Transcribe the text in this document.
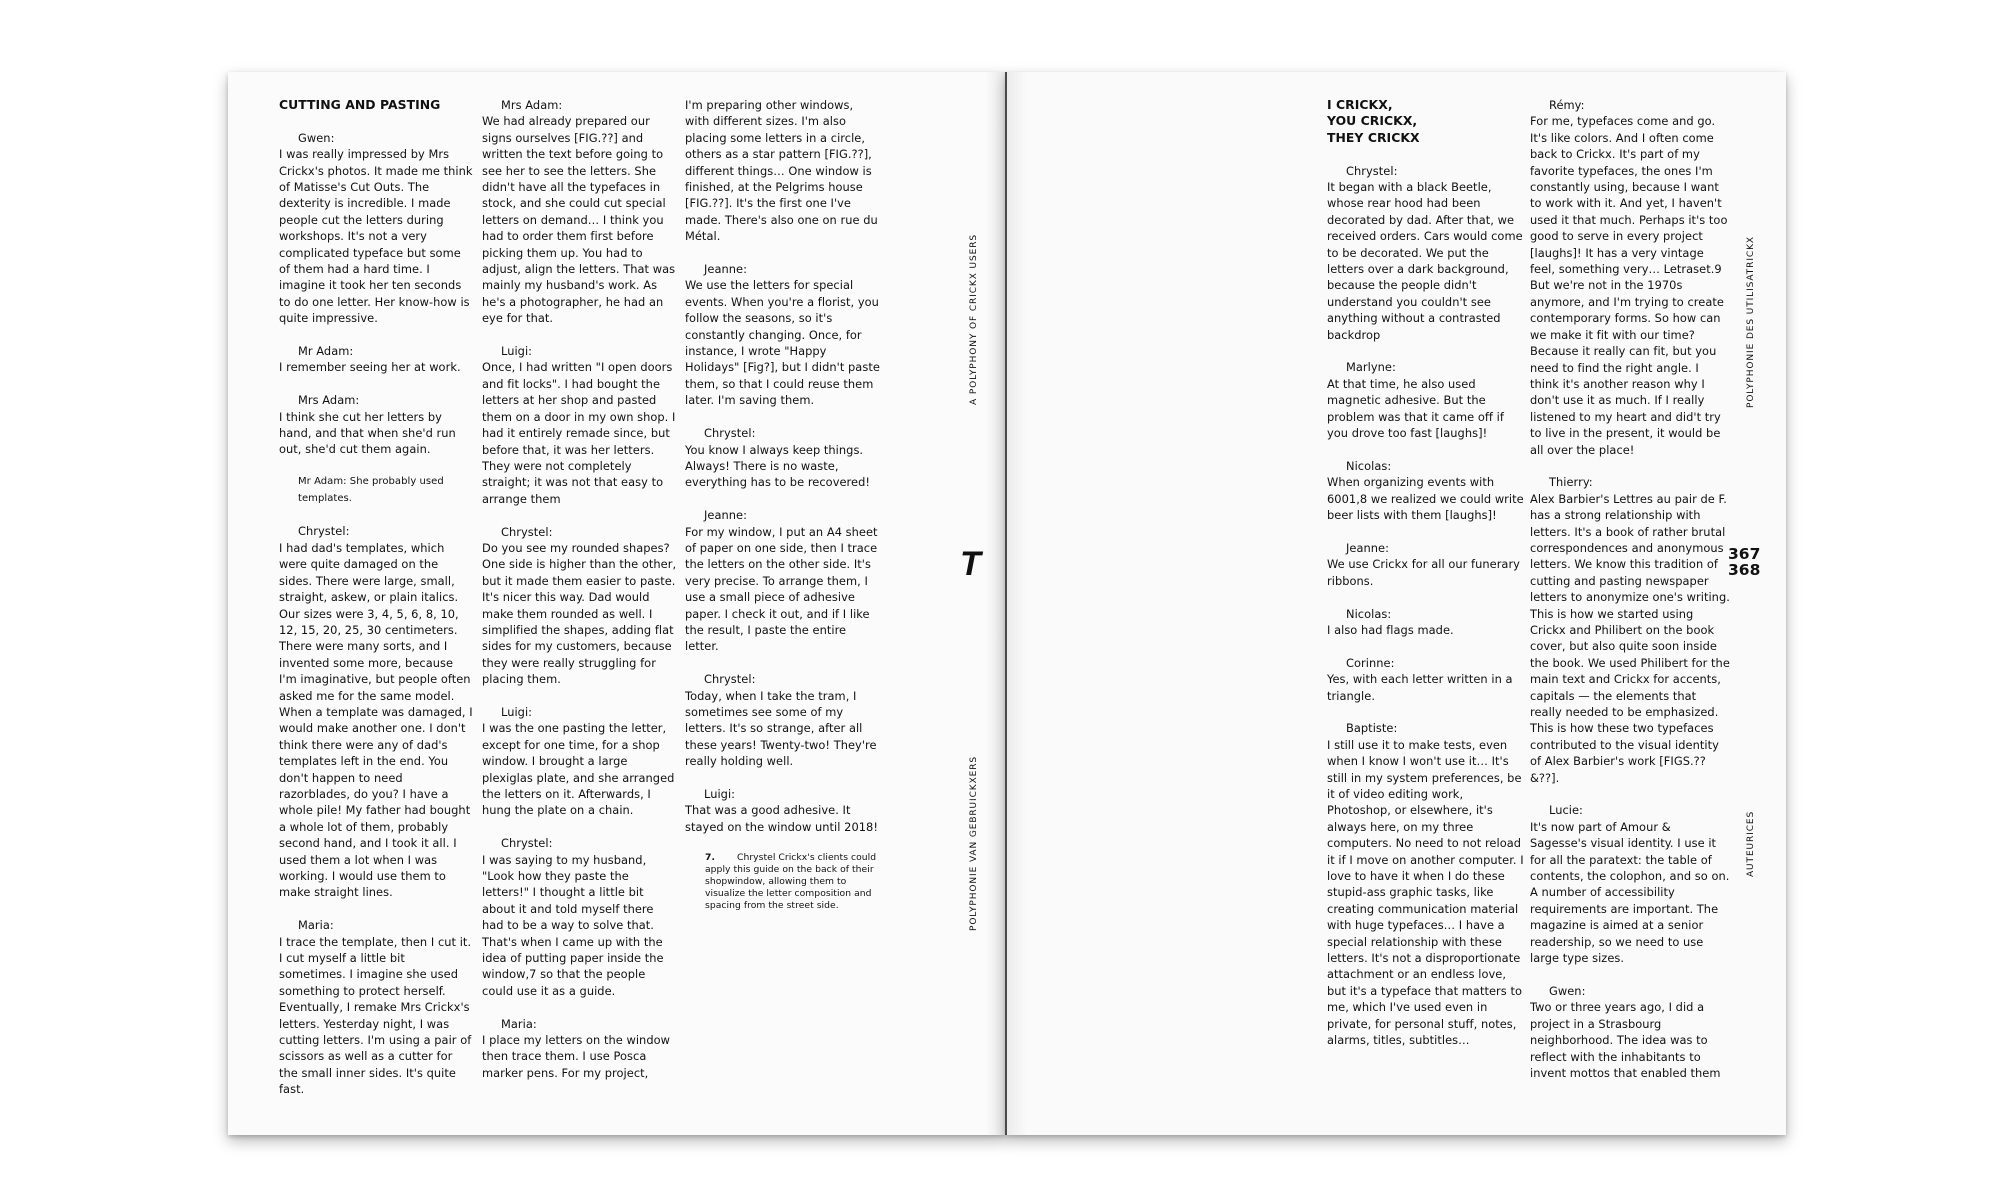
CUTTING AND PASTING

Gwen:
I was really impressed by Mrs Crickx's photos. It made me think of Matisse's Cut Outs. The dexterity is incredible. I made people cut the letters during workshops. It's not a very complicated typeface but some of them had a hard time. I imagine it took her ten seconds to do one letter. Her know-how is quite impressive.

Mr Adam:
I remember seeing her at work.

Mrs Adam:
I think she cut her letters by hand, and that when she'd run out, she'd cut them again.

Mr Adam: She probably used templates.

Chrystel:
I had dad's templates, which were quite damaged on the sides. There were large, small, straight, askew, or plain italics. Our sizes were 3, 4, 5, 6, 8, 10, 12, 15, 20, 25, 30 centimeters. There were many sorts, and I invented some more, because I'm imaginative, but people often asked me for the same model. When a template was damaged, I would make another one. I don't think there were any of dad's templates left in the end. You don't happen to need razorblades, do you? I have a whole pile! My father had bought a whole lot of them, probably second hand, and I took it all. I used them a lot when I was working. I would use them to make straight lines.

Maria:
I trace the template, then I cut it. I cut myself a little bit sometimes. I imagine she used something to protect herself. Eventually, I remake Mrs Crickx's letters. Yesterday night, I was cutting letters. I'm using a pair of scissors as well as a cutter for the small inner sides. It's quite fast.

Mrs Adam:
We had already prepared our signs ourselves [FIG.??] and written the text before going to see her to see the letters. She didn't have all the typefaces in stock, and she could cut special letters on demand… I think you had to order them first before picking them up. You had to adjust, align the letters. That was mainly my husband's work. As he's a photographer, he had an eye for that.

Luigi:
Once, I had written "I open doors and fit locks". I had bought the letters at her shop and pasted them on a door in my own shop. I had it entirely remade since, but before that, it was her letters. They were not completely straight; it was not that easy to arrange them

Chrystel:
Do you see my rounded shapes? One side is higher than the other, but it made them easier to paste. It's nicer this way. Dad would make them rounded as well. I simplified the shapes, adding flat sides for my customers, because they were really struggling for placing them.

Luigi:
I was the one pasting the letter, except for one time, for a shop window. I brought a large plexiglas plate, and she arranged the letters on it. Afterwards, I hung the plate on a chain.

Chrystel:
I was saying to my husband, "Look how they paste the letters!" I thought a little bit about it and told myself there had to be a way to solve that. That's when I came up with the idea of putting paper inside the window,7 so that the people could use it as a guide.

Maria:
I place my letters on the window then trace them. I use Posca marker pens. For my project,

I'm preparing other windows, with different sizes. I'm also placing some letters in a circle, others as a star pattern [FIG.??], different things… One window is finished, at the Pelgrims house [FIG.??]. It's the first one I've made. There's also one on rue du Métal.

Jeanne:
We use the letters for special events. When you're a florist, you follow the seasons, so it's constantly changing. Once, for instance, I wrote "Happy Holidays" [Fig?], but I didn't paste them, so that I could reuse them later. I'm saving them.

Chrystel:
You know I always keep things. Always! There is no waste, everything has to be recovered!

Jeanne:
For my window, I put an A4 sheet of paper on one side, then I trace the letters on the other side. It's very precise. To arrange them, I use a small piece of adhesive paper. I check it out, and if I like the result, I paste the entire letter.

Chrystel:
Today, when I take the tram, I sometimes see some of my letters. It's so strange, after all these years! Twenty-two! They're really holding well.

Luigi:
That was a good adhesive. It stayed on the window until 2018!

7. Chrystel Crickx's clients could apply this guide on the back of their shopwindow, allowing them to visualize the letter composition and spacing from the street side.

A POLYPHONY OF CRICKX USERS
POLYPHONIE VAN GEBRUICKXERS
T
I CRICKX,
YOU CRICKX,
THEY CRICKX

Chrystel:
It began with a black Beetle, whose rear hood had been decorated by dad. After that, we received orders. Cars would come to be decorated. We put the letters over a dark background, because the people didn't understand you couldn't see anything without a contrasted backdrop

Marlyne:
At that time, he also used magnetic adhesive. But the problem was that it came off if you drove too fast [laughs]!

Nicolas:
When organizing events with 6001,8 we realized we could write beer lists with them [laughs]!

Jeanne:
We use Crickx for all our funerary ribbons.

Nicolas:
I also had flags made.

Corinne:
Yes, with each letter written in a triangle.

Baptiste:
I still use it to make tests, even when I know I won't use it… It's still in my system preferences, be it of video editing work, Photoshop, or elsewhere, it's always here, on my three computers. No need to not reload it if I move on another computer. I love to have it when I do these stupid-ass graphic tasks, like creating communication material with huge typefaces… I have a special relationship with these letters. It's not a disproportionate attachment or an endless love, but it's a typeface that matters to me, which I've used even in private, for personal stuff, notes, alarms, titles, subtitles…

Rémy:
For me, typefaces come and go. It's like colors. And I often come back to Crickx. It's part of my favorite typefaces, the ones I'm constantly using, because I want to work with it. And yet, I haven't used it that much. Perhaps it's too good to serve in every project [laughs]! It has a very vintage feel, something very… Letraset.9 But we're not in the 1970s anymore, and I'm trying to create contemporary forms. So how can we make it fit with our time? Because it really can fit, but you need to find the right angle. I think it's another reason why I don't use it as much. If I really listened to my heart and did't try to live in the present, it would be all over the place!

Thierry:
Alex Barbier's Lettres au pair de F. has a strong relationship with letters. It's a book of rather brutal correspondences and anonymous letters. We know this tradition of cutting and pasting newspaper letters to anonymize one's writing. This is how we started using Crickx and Philibert on the book cover, but also quite soon inside the book. We used Philibert for the main text and Crickx for accents, capitals — the elements that really needed to be emphasized. This is how these two typefaces contributed to the visual identity of Alex Barbier's work [FIGS.??&??].

Lucie:
It's now part of Amour & Sagesse's visual identity. I use it for all the paratext: the table of contents, the colophon, and so on. A number of accessibility requirements are important. The magazine is aimed at a senior readership, so we need to use large type sizes.

Gwen:
Two or three years ago, I did a project in a Strasbourg neighborhood. The idea was to reflect with the inhabitants to invent mottos that enabled them

POLYPHONIE DES UTILISATRICKX
AUTEURICES
367
368
